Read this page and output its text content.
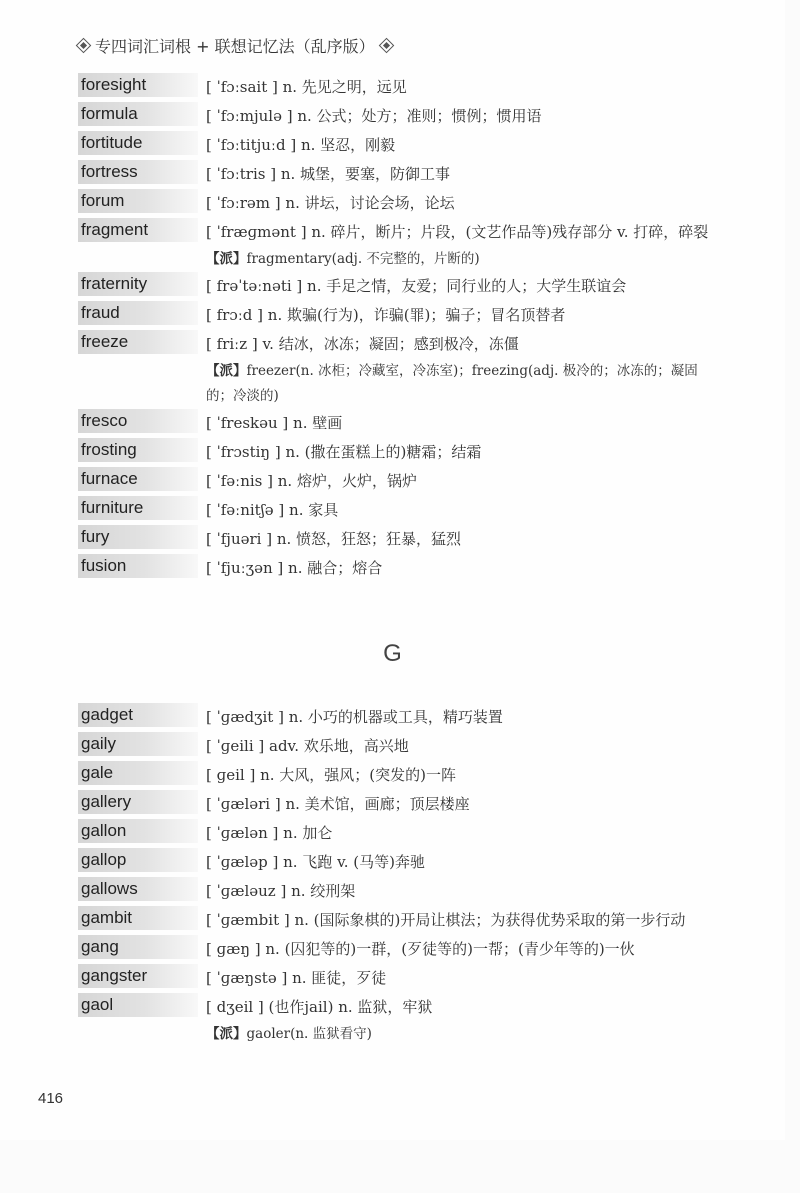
专四词汇词根 + 联想记忆法（乱序版）
foresight	[ ˈfɔːsait ] n. 先见之明，远见
formula	[ ˈfɔːmjulə ] n. 公式；处方；准则；惯例；惯用语
fortitude	[ ˈfɔːtitjuːd ] n. 坚忍，刚毅
fortress	[ ˈfɔːtris ] n. 城堡，要塞，防御工事
forum	[ ˈfɔːrəm ] n. 讲坛，讨论会场，论坛
fragment	[ ˈfræɡmənt ] n. 碎片，断片；片段，(文艺作品等)残存部分 v. 打碎，碎裂
【派】fragmentary(adj. 不完整的，片断的)
fraternity	[ frəˈtəːnəti ] n. 手足之情，友爱；同行业的人；大学生联谊会
fraud	[ frɔːd ] n. 欺骗(行为)，诈骗(罪)；骗子；冒名顶替者
freeze	[ friːz ] v. 结冰，冰冻；凝固；感到极冷，冻僵
【派】freezer(n. 冰柜；冷藏室，冷冻室)；freezing(adj. 极冷的；冰冻的；凝固的；冷淡的)
fresco	[ ˈfreskəu ] n. 壁画
frosting	[ ˈfrɔstiŋ ] n. (撒在蛋糕上的)糖霜；结霜
furnace	[ ˈfəːnis ] n. 熔炉，火炉，锅炉
furniture	[ ˈfəːnitʃə ] n. 家具
fury	[ ˈfjuəri ] n. 愤怒，狂怒；狂暴，猛烈
fusion	[ ˈfjuːʒən ] n. 融合；熔合
G
gadget	[ ˈɡædʒit ] n. 小巧的机器或工具，精巧装置
gaily	[ ˈɡeili ] adv. 欢乐地，高兴地
gale	[ ɡeil ] n. 大风，强风；(突发的)一阵
gallery	[ ˈɡæləri ] n. 美术馆，画廊；顶层楼座
gallon	[ ˈɡælən ] n. 加仑
gallop	[ ˈɡæləp ] n. 飞跑 v. (马等)奔驰
gallows	[ ˈɡæləuz ] n. 绞刑架
gambit	[ ˈɡæmbit ] n. (国际象棋的)开局让棋法；为获得优势采取的第一步行动
gang	[ ɡæŋ ] n. (囚犯等的)一群，(歹徒等的)一帮；(青少年等的)一伙
gangster	[ ˈɡæŋstə ] n. 匪徒，歹徒
gaol	[ dʒeil ] (也作jail) n. 监狱，牢狱
【派】gaoler(n. 监狱看守)
416
